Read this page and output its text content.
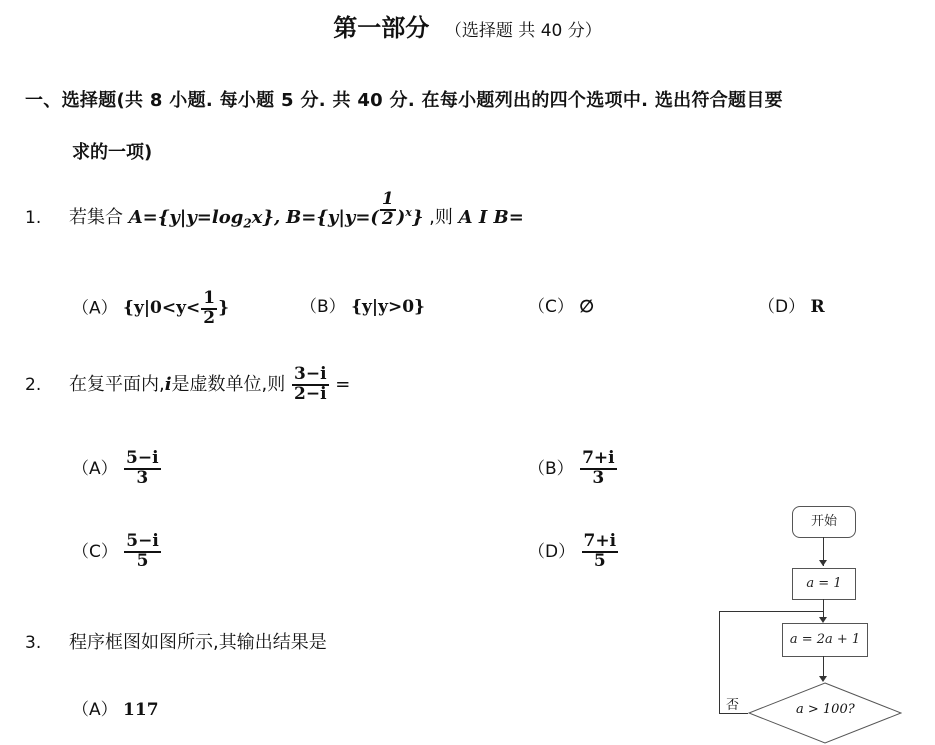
第一部分 （选择题 共 40 分）
一、选择题(共 8 小题. 每小题 5 分. 共 40 分. 在每小题列出的四个选项中. 选出符合题目要
求的一项)
1. 若集合 $A=\{y|y=\log_2x\}$, $B=\{y|y=( \frac{1}{2} )^x\}$ ,则 A I B=
（A） {$y|0<y< \frac{1}{2}$ }	（B） {y|y>0}	（C） ∅	（D） R
2. 在复平面内,i是虚数单位,则 $\frac{3-i}{2-i}$ =
$(A) \frac{5-i}{3}$	$(B) \frac{7+i}{3}$
$(C) \frac{5-i}{5}$	$(D) \frac{7+i}{5}$
3. 程序框图如图所示,其输出结果是
（A） 117
开始
a = 1
a = 2a + 1
a > 100?
否
